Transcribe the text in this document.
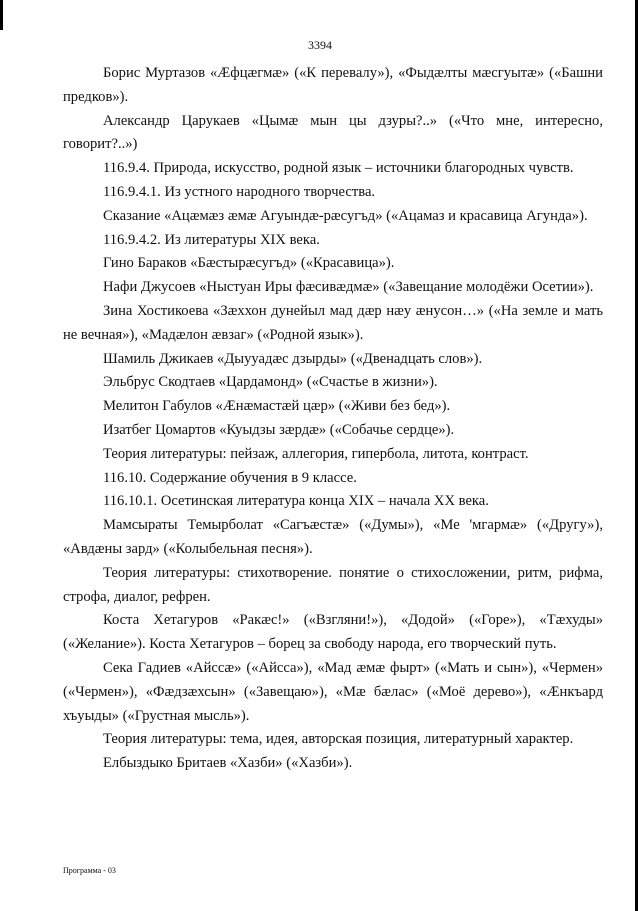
3394

Борис Муртазов «Æфцæгмæ» («К перевалу»), «Фыдæлты мæсгуытæ» («Башни предков»).

Александр Царукаев «Цымæ мын цы дзуры?..» («Что мне, интересно, говорит?..»)

116.9.4. Природа, искусство, родной язык – источники благородных чувств.

116.9.4.1. Из устного народного творчества.

Сказание «Ацæмæз æмæ Агуындæ-рæсугъд» («Ацамаз и красавица Агунда»).

116.9.4.2. Из литературы XIX века.

Гино Бараков «Бæстырæсугъд» («Красавица»).

Нафи Джусоев «Ныстуан Иры фæсивæдмæ» («Завещание молодёжи Осетии»).

Зина Хостикоева «Зæххон дунейыл мад дæр нæу æнусон…» («На земле и мать не вечная»), «Мадæлон æвзаг» («Родной язык»).

Шамиль Джикаев «Дыууадæс дзырды» («Двенадцать слов»).

Эльбрус Скодтаев «Цардамонд» («Счастье в жизни»).

Мелитон Габулов «Æнæмастæй цæр» («Живи без бед»).

Изатбег Цомартов «Куыдзы зæрдæ» («Собачье сердце»).

Теория литературы: пейзаж, аллегория, гипербола, литота, контраст.

116.10. Содержание обучения в 9 классе.

116.10.1. Осетинская литература конца XIX – начала XX века.

Мамсыраты Темырболат «Сагъæстæ» («Думы»), «Ме 'мгармæ» («Другу»), «Авдæны зард» («Колыбельная песня»).

Теория литературы: стихотворение. понятие о стихосложении, ритм, рифма, строфа, диалог, рефрен.

Коста Хетагуров «Ракæс!» («Взгляни!»), «Додой» («Горе»), «Тæхуды» («Желание»). Коста Хетагуров – борец за свободу народа, его творческий путь.

Сека Гадиев «Айссæ» («Айсса»), «Мад æмæ фырт» («Мать и сын»), «Чермен» («Чермен»), «Фæдзæхсын» («Завещаю»), «Мæ бæлас» («Моё дерево»), «Æнкъард хъуыды» («Грустная мысль»).

Теория литературы: тема, идея, авторская позиция, литературный характер.

Елбыздыко Бритаев «Хазби» («Хазби»).

Программа - 03
